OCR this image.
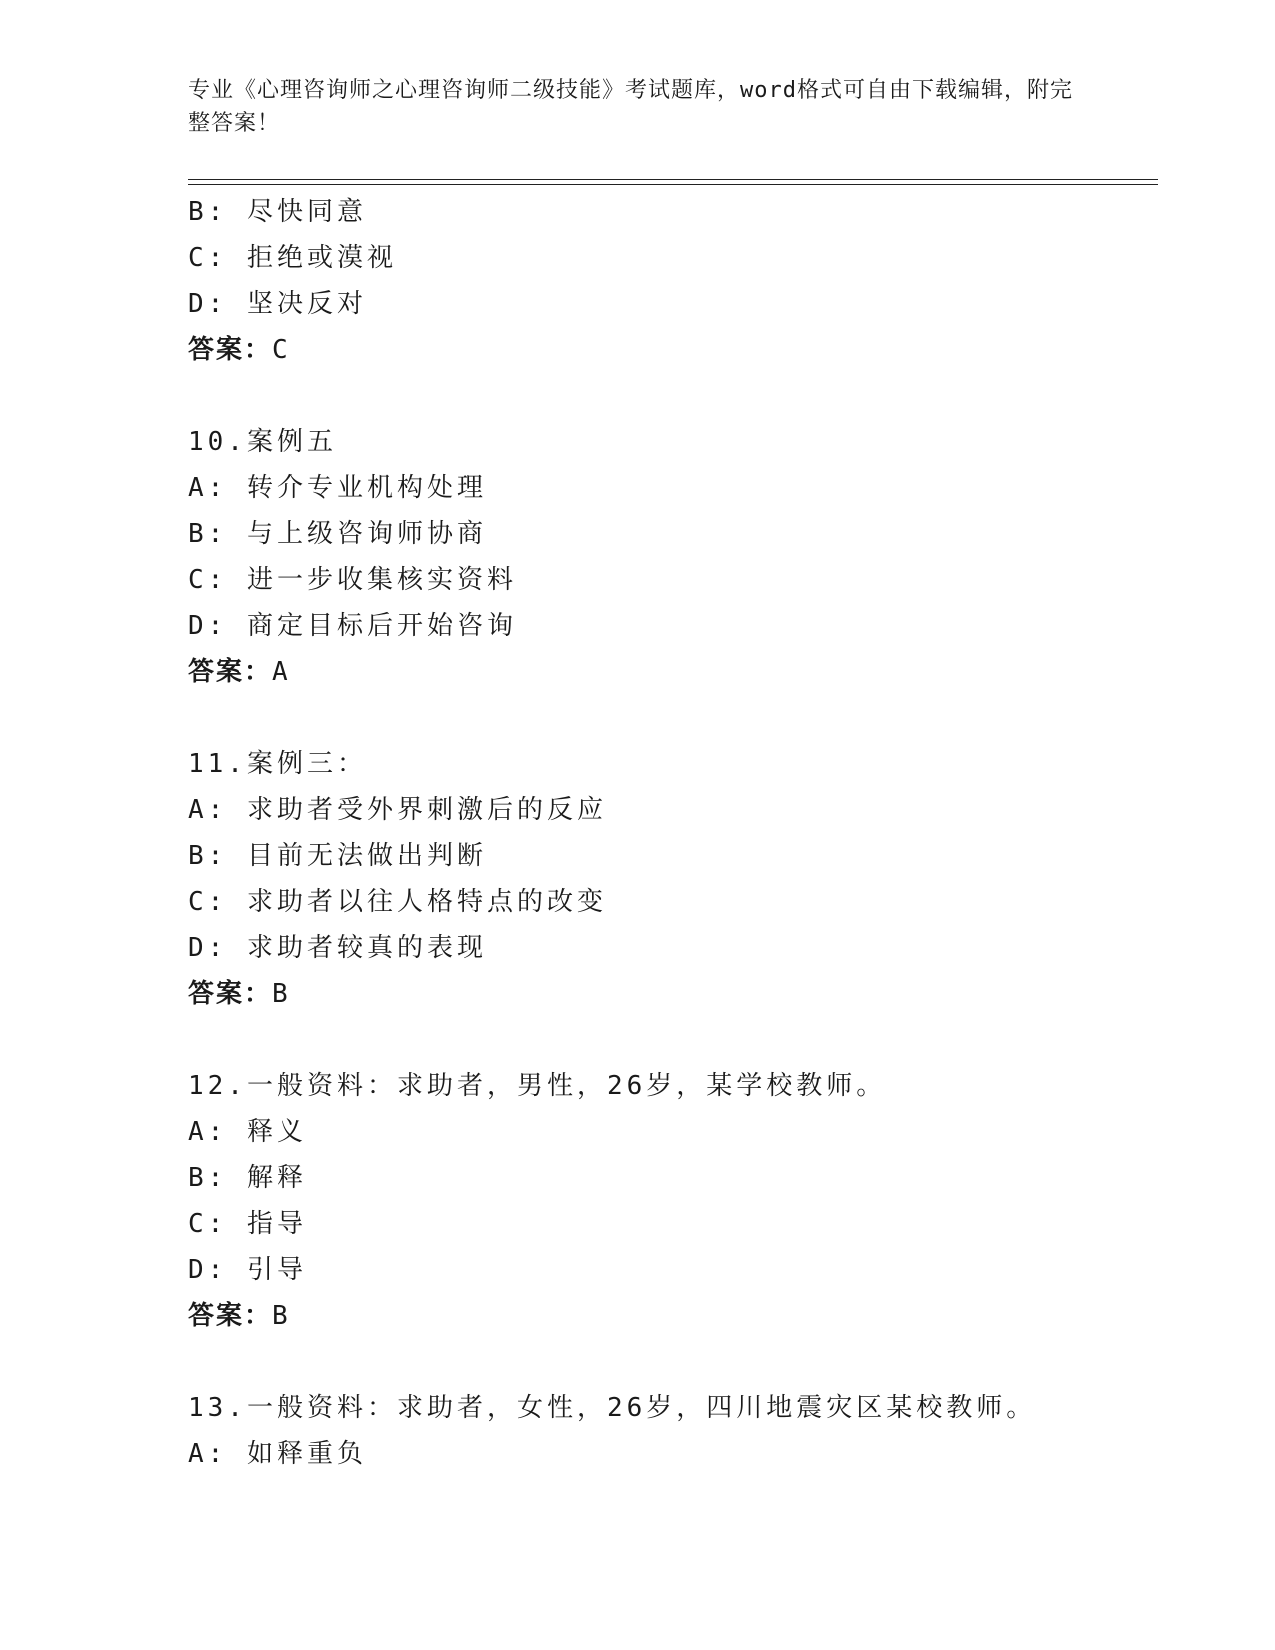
专业《心理咨询师之心理咨询师二级技能》考试题库，word格式可自由下载编辑，附完整答案！
B: 尽快同意
C: 拒绝或漠视
D: 坚决反对
答案：C
10.案例五
A: 转介专业机构处理
B: 与上级咨询师协商
C: 进一步收集核实资料
D: 商定目标后开始咨询
答案：A
11.案例三：
A: 求助者受外界刺激后的反应
B: 目前无法做出判断
C: 求助者以往人格特点的改变
D: 求助者较真的表现
答案：B
12.一般资料：求助者，男性，26岁，某学校教师。
A: 释义
B: 解释
C: 指导
D: 引导
答案：B
13.一般资料：求助者，女性，26岁，四川地震灾区某校教师。
A: 如释重负
